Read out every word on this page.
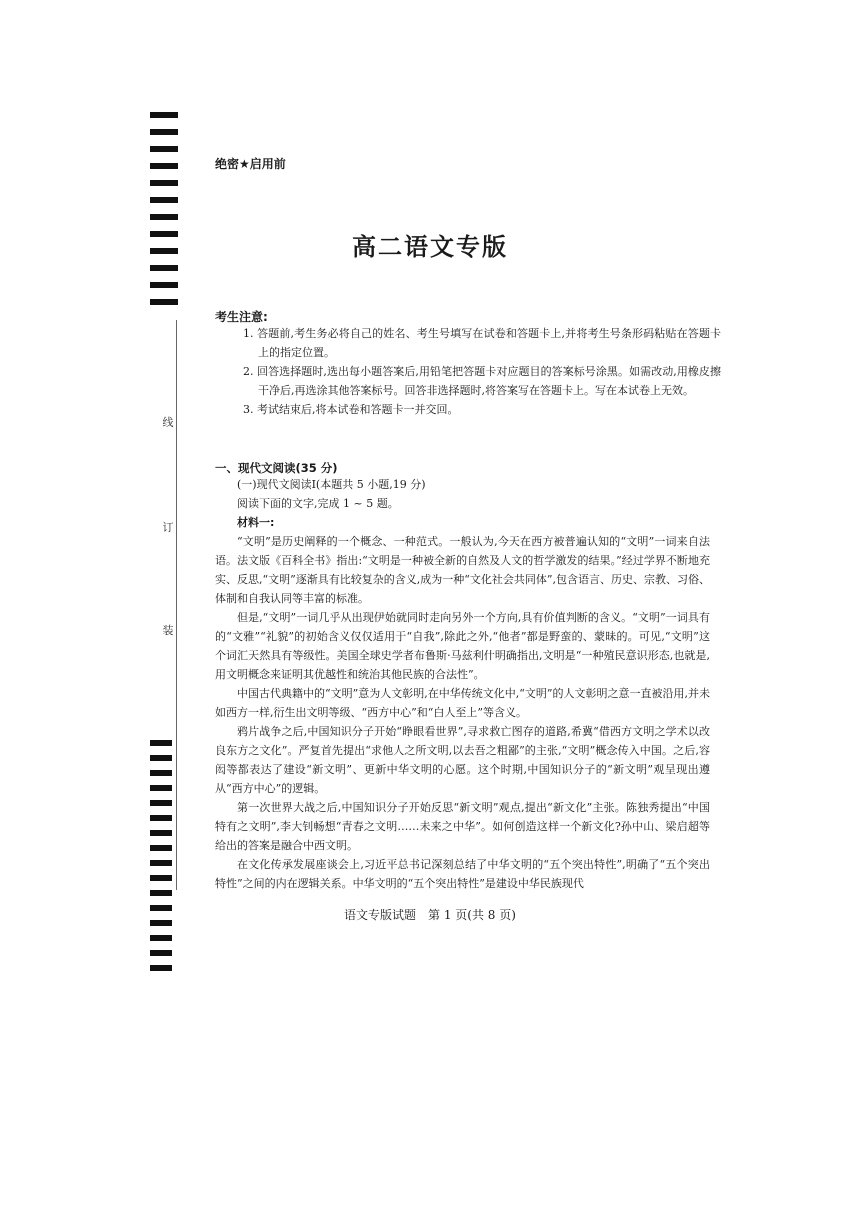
线
订
装
绝密★启用前
高二语文专版
考生注意:

1. 答题前,考生务必将自己的姓名、考生号填写在试卷和答题卡上,并将考生号条形码粘贴在答题卡上的指定位置。

2. 回答选择题时,选出每小题答案后,用铅笔把答题卡对应题目的答案标号涂黑。如需改动,用橡皮擦干净后,再选涂其他答案标号。回答非选择题时,将答案写在答题卡上。写在本试卷上无效。

3. 考试结束后,将本试卷和答题卡一并交回。

一、现代文阅读(35 分)

(一)现代文阅读Ⅰ(本题共 5 小题,19 分)

阅读下面的文字,完成 1 ~ 5 题。

材料一:

“文明”是历史阐释的一个概念、一种范式。一般认为,今天在西方被普遍认知的“文明”一词来自法语。法文版《百科全书》指出:“文明是一种被全新的自然及人文的哲学激发的结果。”经过学界不断地充实、反思,“文明”逐渐具有比较复杂的含义,成为一种“文化社会共同体”,包含语言、历史、宗教、习俗、体制和自我认同等丰富的标准。

但是,“文明”一词几乎从出现伊始就同时走向另外一个方向,具有价值判断的含义。“文明”一词具有的“文雅”“礼貌”的初始含义仅仅适用于“自我”,除此之外,“他者”都是野蛮的、蒙昧的。可见,“文明”这个词汇天然具有等级性。美国全球史学者布鲁斯·马兹利什明确指出,文明是“一种殖民意识形态,也就是,用文明概念来证明其优越性和统治其他民族的合法性”。

中国古代典籍中的“文明”意为人文彰明,在中华传统文化中,“文明”的人文彰明之意一直被沿用,并未如西方一样,衍生出文明等级、“西方中心”和“白人至上”等含义。

鸦片战争之后,中国知识分子开始“睁眼看世界”,寻求救亡图存的道路,希冀“借西方文明之学术以改良东方之文化”。严复首先提出“求他人之所文明,以去吾之粗鄙”的主张,“文明”概念传入中国。之后,容闳等都表达了建设“新文明”、更新中华文明的心愿。这个时期,中国知识分子的“新文明”观呈现出遵从“西方中心”的逻辑。

第一次世界大战之后,中国知识分子开始反思“新文明”观点,提出“新文化”主张。陈独秀提出“中国特有之文明”,李大钊畅想“青春之文明……未来之中华”。如何创造这样一个新文化?孙中山、梁启超等给出的答案是融合中西文明。

在文化传承发展座谈会上,习近平总书记深刻总结了中华文明的“五个突出特性”,明确了“五个突出特性”之间的内在逻辑关系。中华文明的“五个突出特性”是建设中华民族现代

语文专版试题　第 1 页(共 8 页)
